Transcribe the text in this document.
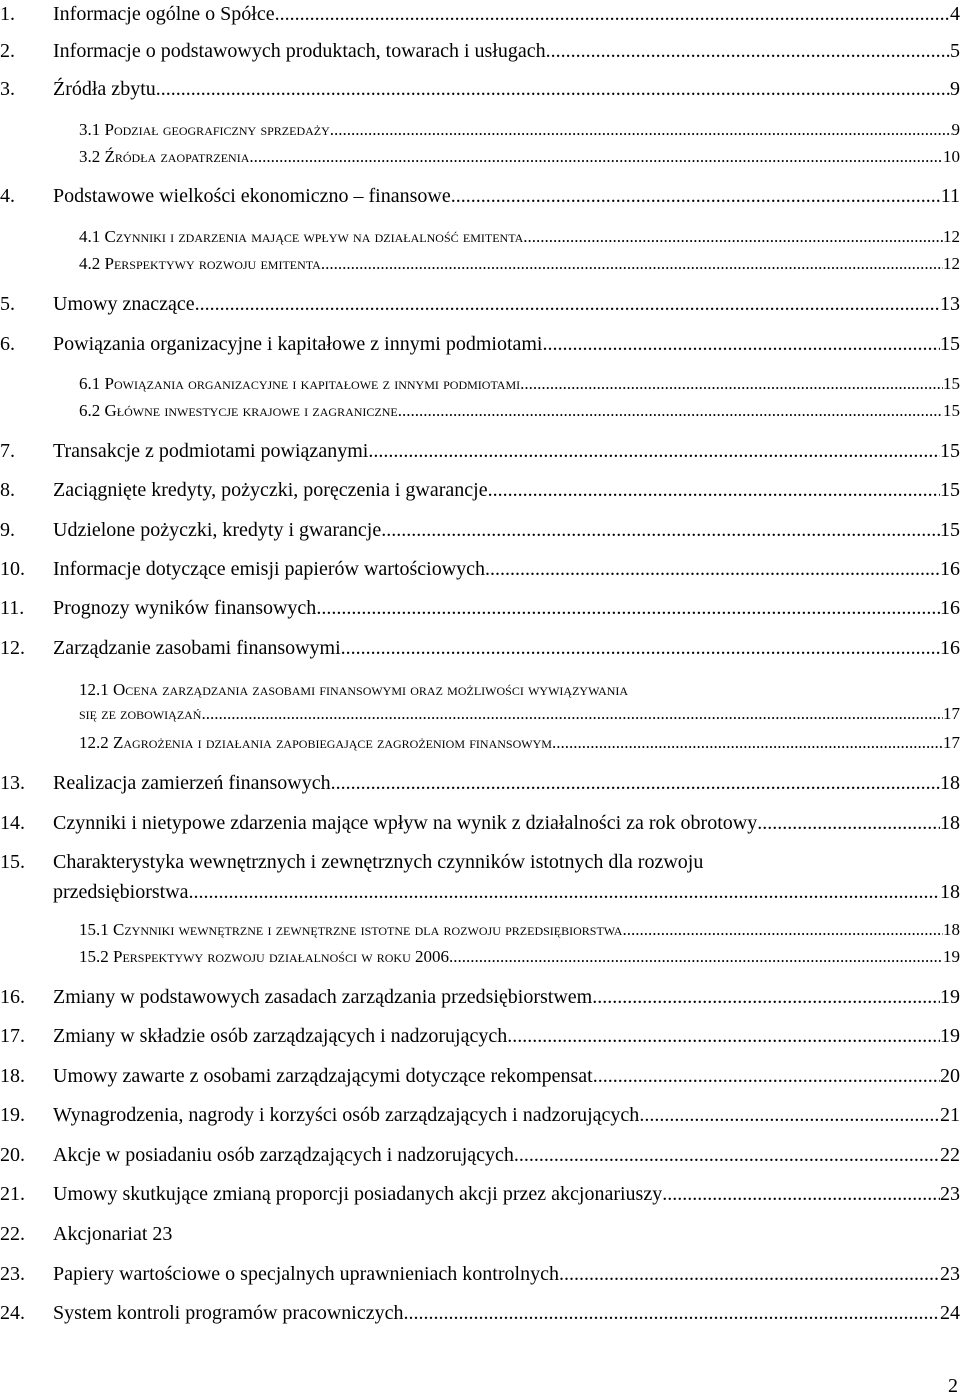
1. Informacje ogólne o Spółce .....	4
2. Informacje o podstawowych produktach, towarach i usługach .....	5
3. Źródła zbytu .....	9
3.1 Podział geograficzny sprzedaży .....	9
3.2 Źródła zaopatrzenia .....	10
4. Podstawowe wielkości ekonomiczno – finansowe .....	11
4.1 Czynniki i zdarzenia mające wpływ na działalność emitenta .....	12
4.2 Perspektywy rozwoju emitenta .....	12
5. Umowy znaczące .....	13
6. Powiązania organizacyjne i kapitałowe z innymi podmiotami .....	15
6.1 Powiązania organizacyjne i kapitałowe z innymi podmiotami .....	15
6.2 Główne inwestycje krajowe i zagraniczne .....	15
7. Transakcje z podmiotami powiązanymi .....	15
8. Zaciągnięte kredyty, pożyczki, poręczenia i gwarancje .....	15
9. Udzielone pożyczki, kredyty i gwarancje .....	15
10. Informacje dotyczące emisji papierów wartościowych .....	16
11. Prognozy wyników finansowych .....	16
12. Zarządzanie zasobami finansowymi .....	16
12.1 Ocena zarządzania zasobami finansowymi oraz możliwości wywiązywania
się ze zobowiązań .....	17
12.2 Zagrożenia i działania zapobiegające zagrożeniom finansowym .....	17
13. Realizacja zamierzeń finansowych .....	18
14. Czynniki i nietypowe zdarzenia mające wpływ na wynik z działalności za rok obrotowy .....	18
15. Charakterystyka wewnętrznych i zewnętrznych czynników istotnych dla rozwoju
przedsiębiorstwa .....	18
15.1 Czynniki wewnętrzne i zewnętrzne istotne dla rozwoju przedsiębiorstwa .....	18
15.2 Perspektywy rozwoju działalności w roku 2006 .....	19
16. Zmiany w podstawowych zasadach zarządzania przedsiębiorstwem .....	19
17. Zmiany w składzie osób zarządzających i nadzorujących .....	19
18. Umowy zawarte z osobami zarządzającymi dotyczące rekompensat .....	20
19. Wynagrodzenia, nagrody i korzyści osób zarządzających i nadzorujących .....	21
20. Akcje w posiadaniu osób zarządzających i nadzorujących .....	22
21. Umowy skutkujące zmianą proporcji posiadanych akcji przez akcjonariuszy .....	23
22. Akcjonariat 23
23. Papiery wartościowe o specjalnych uprawnieniach kontrolnych .....	23
24. System kontroli programów pracowniczych .....	24
2
